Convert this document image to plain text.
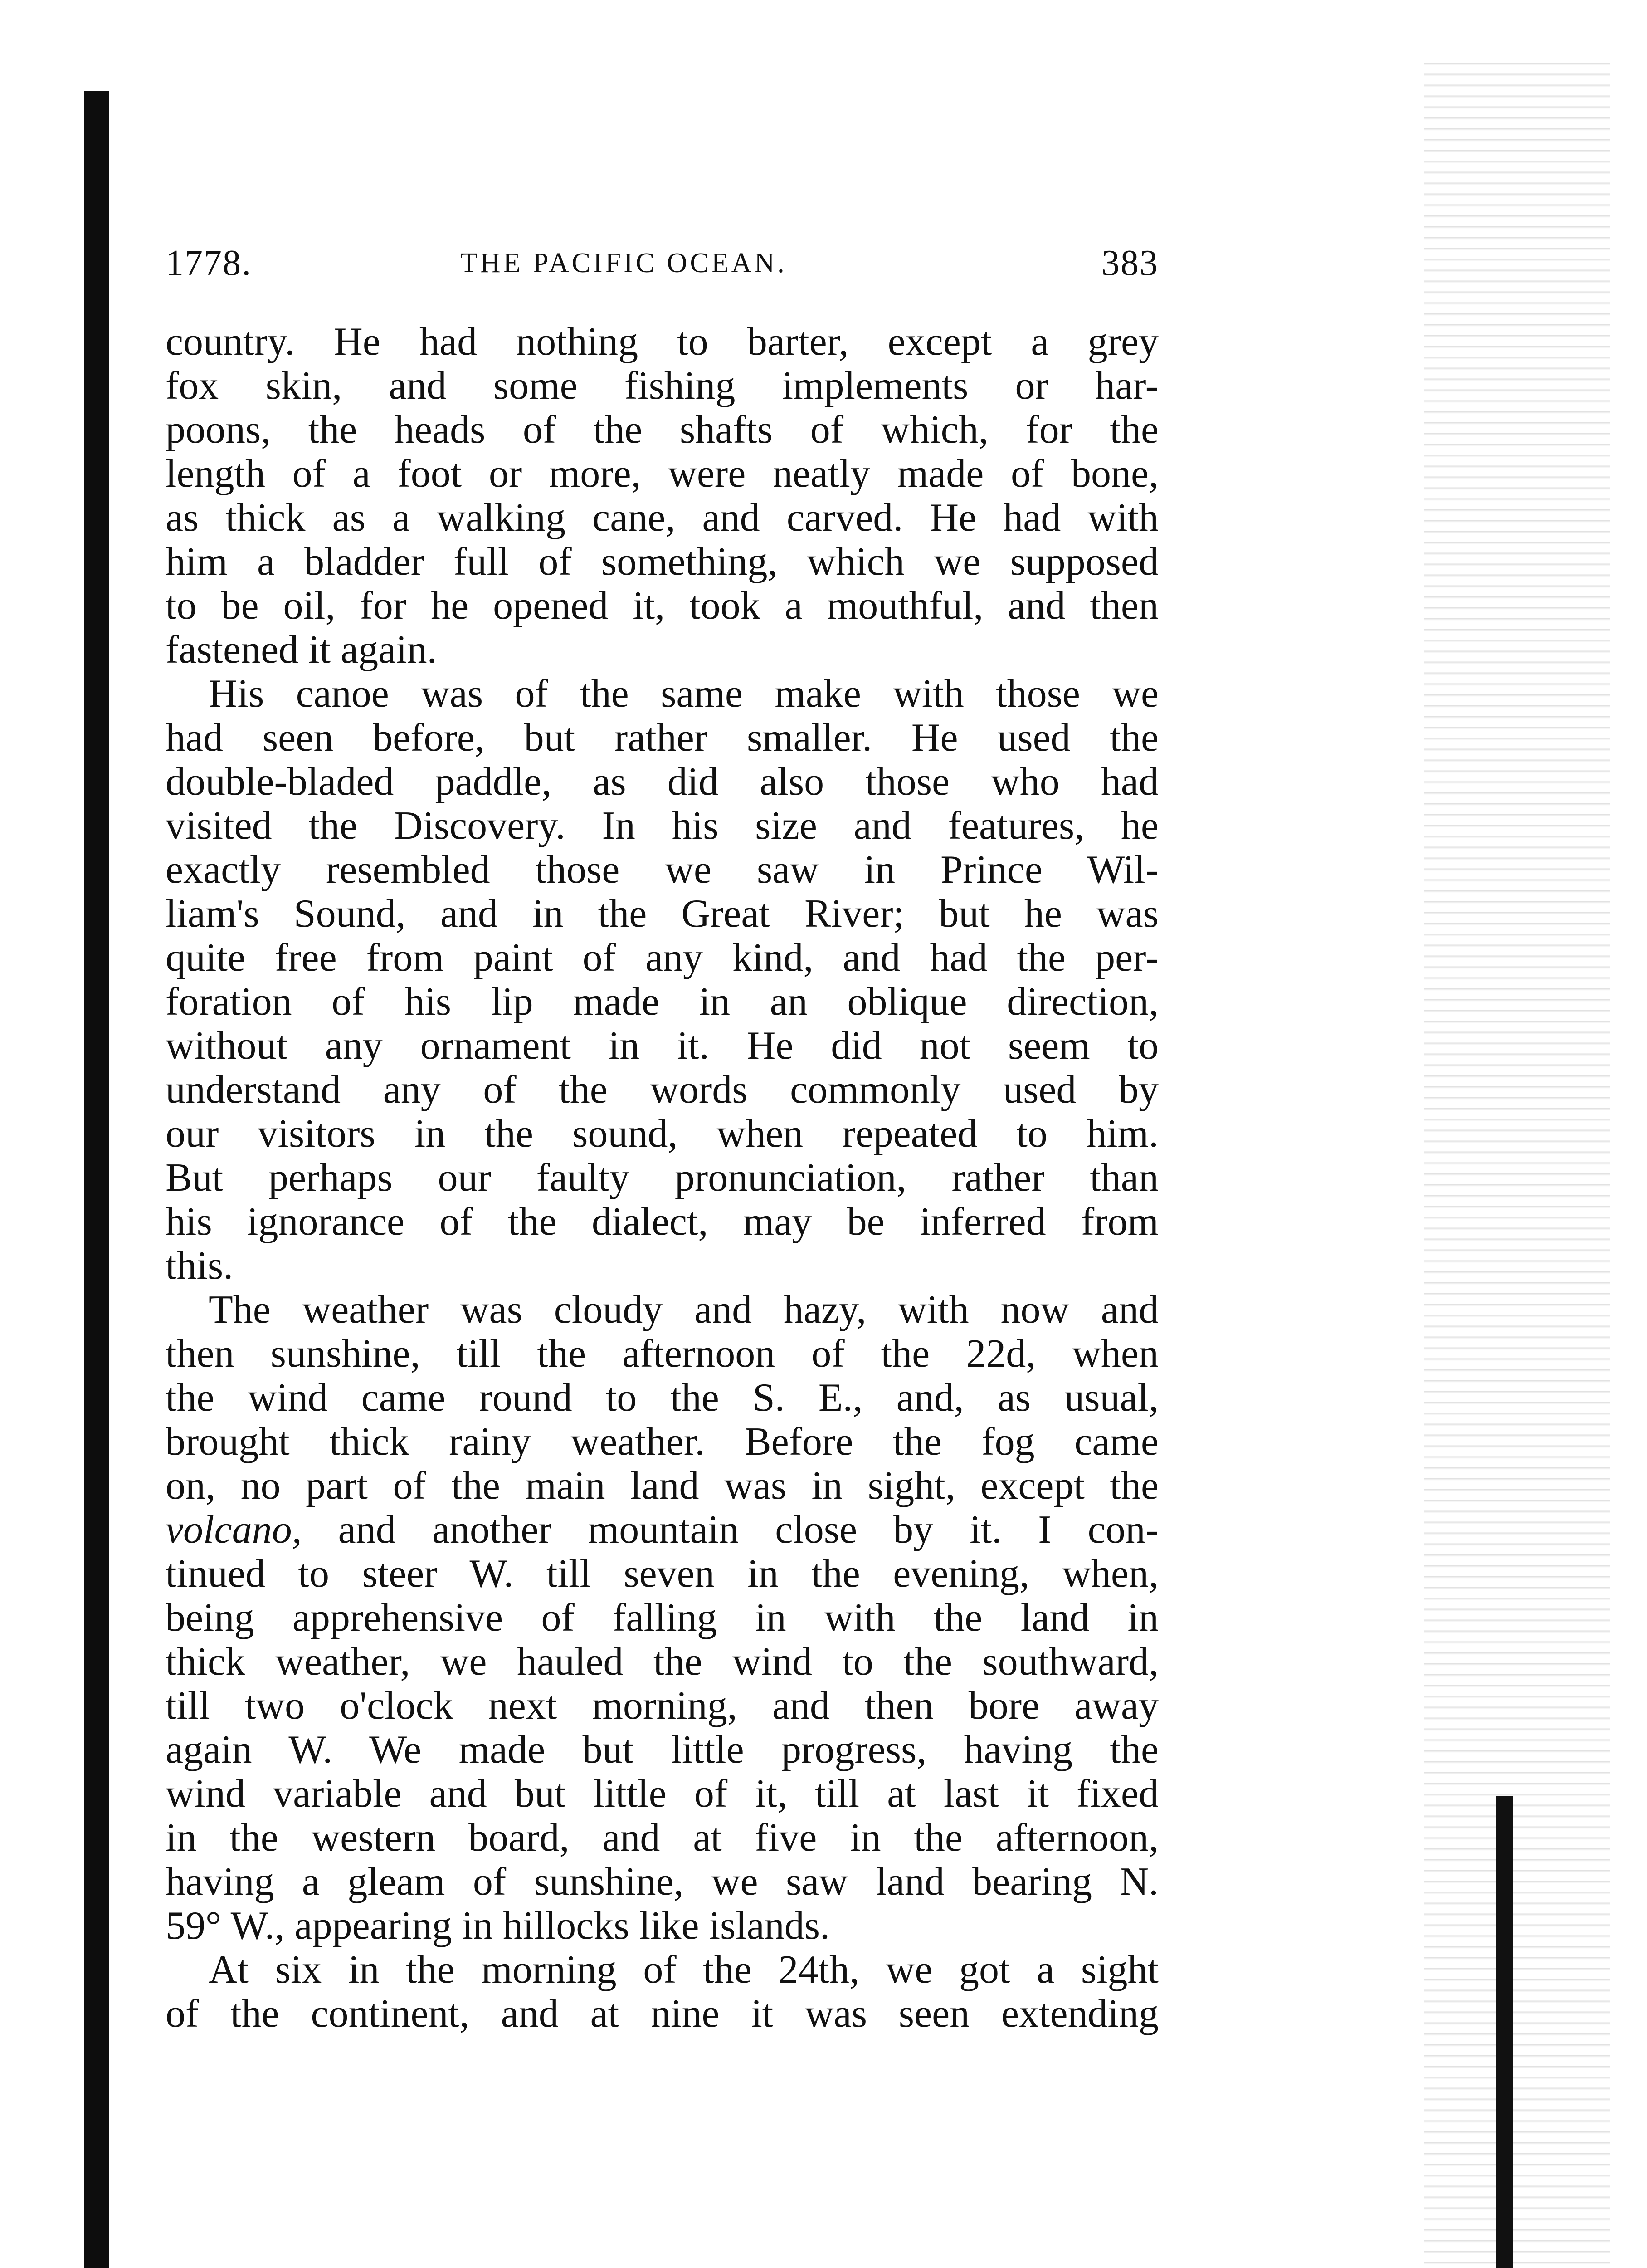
1778.	THE PACIFIC OCEAN.	383
country. He had nothing to barter, except a grey
fox skin, and some fishing implements or har-
poons, the heads of the shafts of which, for the
length of a foot or more, were neatly made of bone,
as thick as a walking cane, and carved. He had with
him a bladder full of something, which we supposed
to be oil, for he opened it, took a mouthful, and then
fastened it again.
His canoe was of the same make with those we
had seen before, but rather smaller. He used the
double-bladed paddle, as did also those who had
visited the Discovery. In his size and features, he
exactly resembled those we saw in Prince Wil-
liam's Sound, and in the Great River; but he was
quite free from paint of any kind, and had the per-
foration of his lip made in an oblique direction,
without any ornament in it. He did not seem to
understand any of the words commonly used by
our visitors in the sound, when repeated to him.
But perhaps our faulty pronunciation, rather than
his ignorance of the dialect, may be inferred from
this.
The weather was cloudy and hazy, with now and
then sunshine, till the afternoon of the 22d, when
the wind came round to the S. E., and, as usual,
brought thick rainy weather. Before the fog came
on, no part of the main land was in sight, except the
volcano, and another mountain close by it. I con-
tinued to steer W. till seven in the evening, when,
being apprehensive of falling in with the land in
thick weather, we hauled the wind to the southward,
till two o'clock next morning, and then bore away
again W. We made but little progress, having the
wind variable and but little of it, till at last it fixed
in the western board, and at five in the afternoon,
having a gleam of sunshine, we saw land bearing N.
59° W., appearing in hillocks like islands.
At six in the morning of the 24th, we got a sight
of the continent, and at nine it was seen extending
